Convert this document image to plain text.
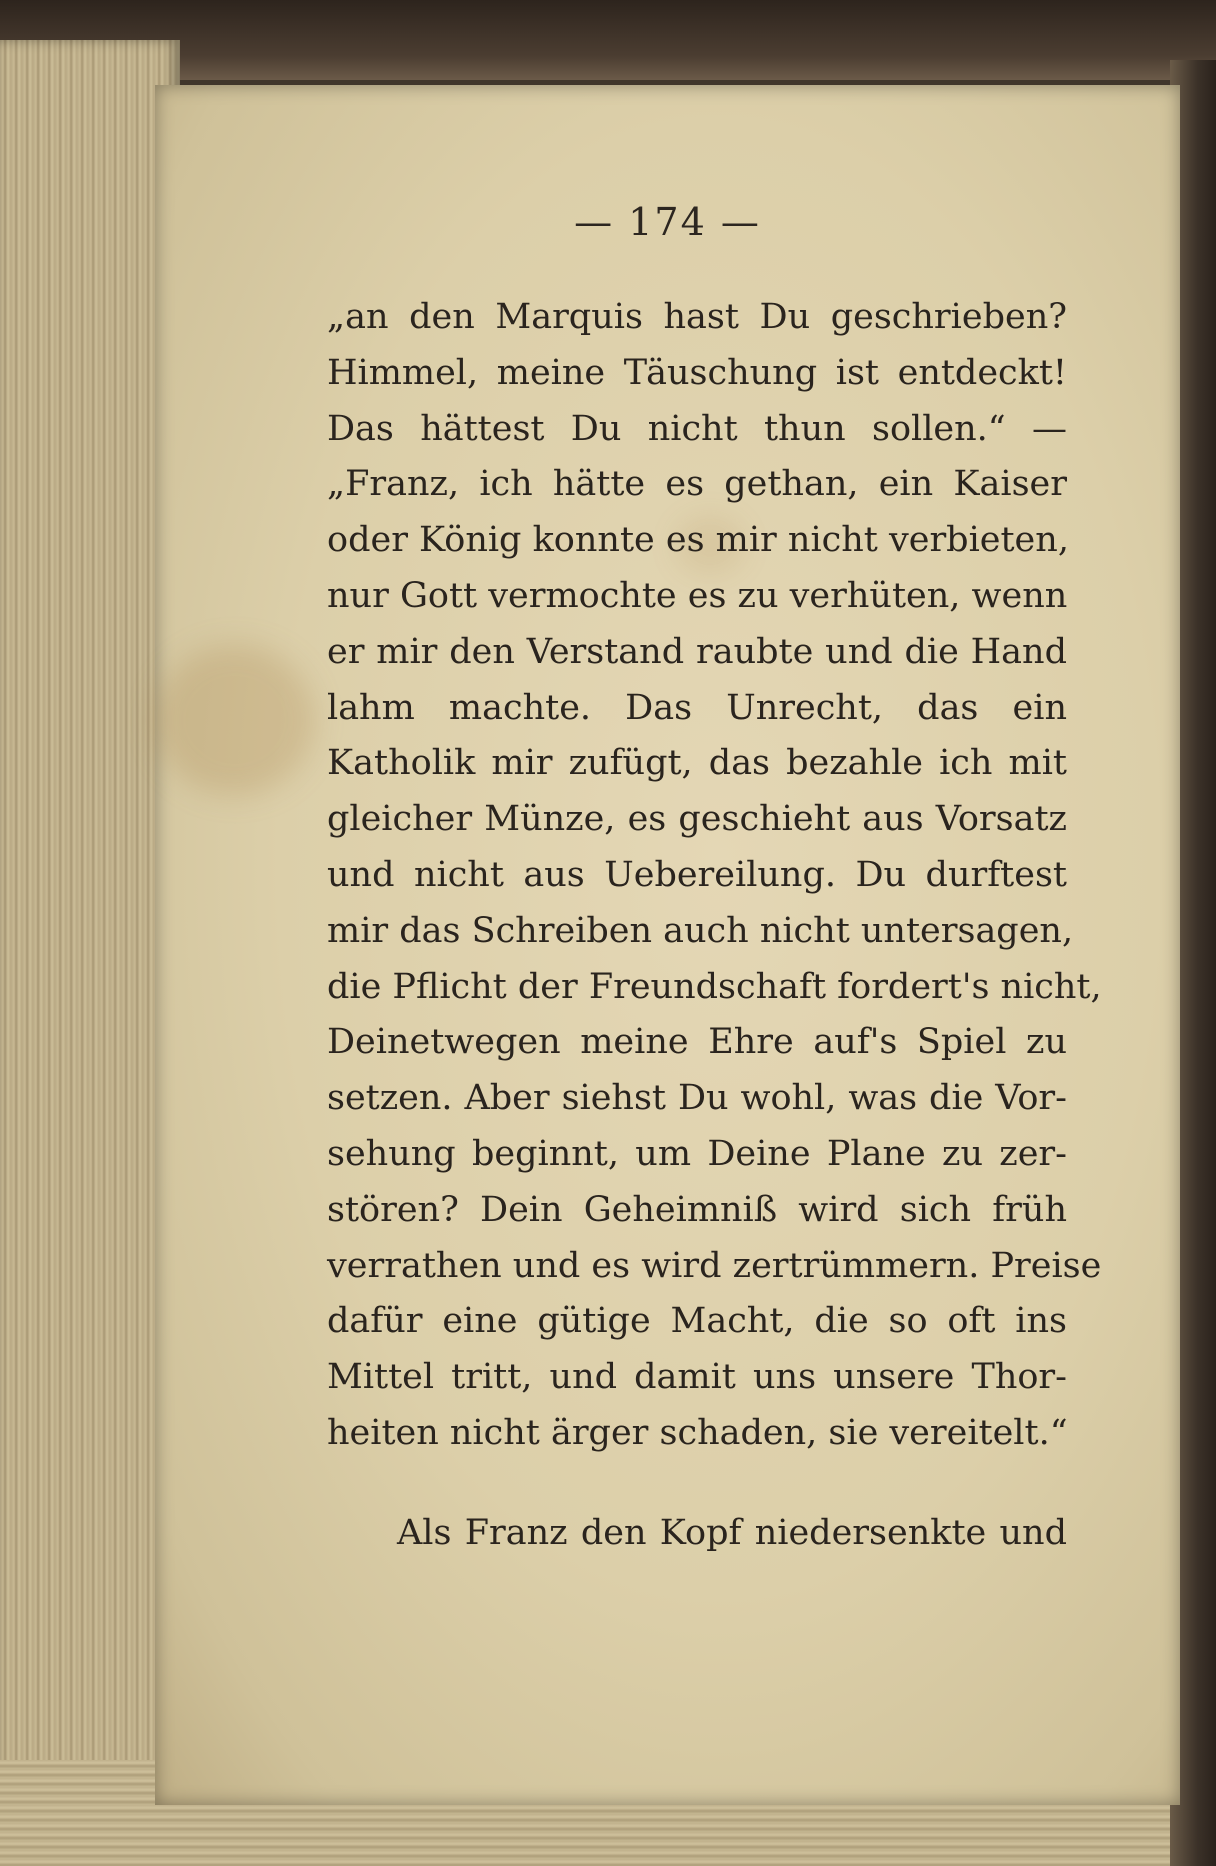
— 174 —
„an den Marquis hast Du geschrieben?
Himmel, meine Täuschung ist entdeckt!
Das hättest Du nicht thun sollen.“ —
„Franz, ich hätte es gethan, ein Kaiser
oder König konnte es mir nicht verbieten,
nur Gott vermochte es zu verhüten, wenn
er mir den Verstand raubte und die Hand
lahm machte. Das Unrecht, das ein
Katholik mir zufügt, das bezahle ich mit
gleicher Münze, es geschieht aus Vorsatz
und nicht aus Uebereilung. Du durftest
mir das Schreiben auch nicht untersagen,
die Pflicht der Freundschaft fordert's nicht,
Deinetwegen meine Ehre auf's Spiel zu
setzen. Aber siehst Du wohl, was die Vor-
sehung beginnt, um Deine Plane zu zer-
stören? Dein Geheimniß wird sich früh
verrathen und es wird zertrümmern. Preise
dafür eine gütige Macht, die so oft ins
Mittel tritt, und damit uns unsere Thor-
heiten nicht ärger schaden, sie vereitelt.“
Als Franz den Kopf niedersenkte und
